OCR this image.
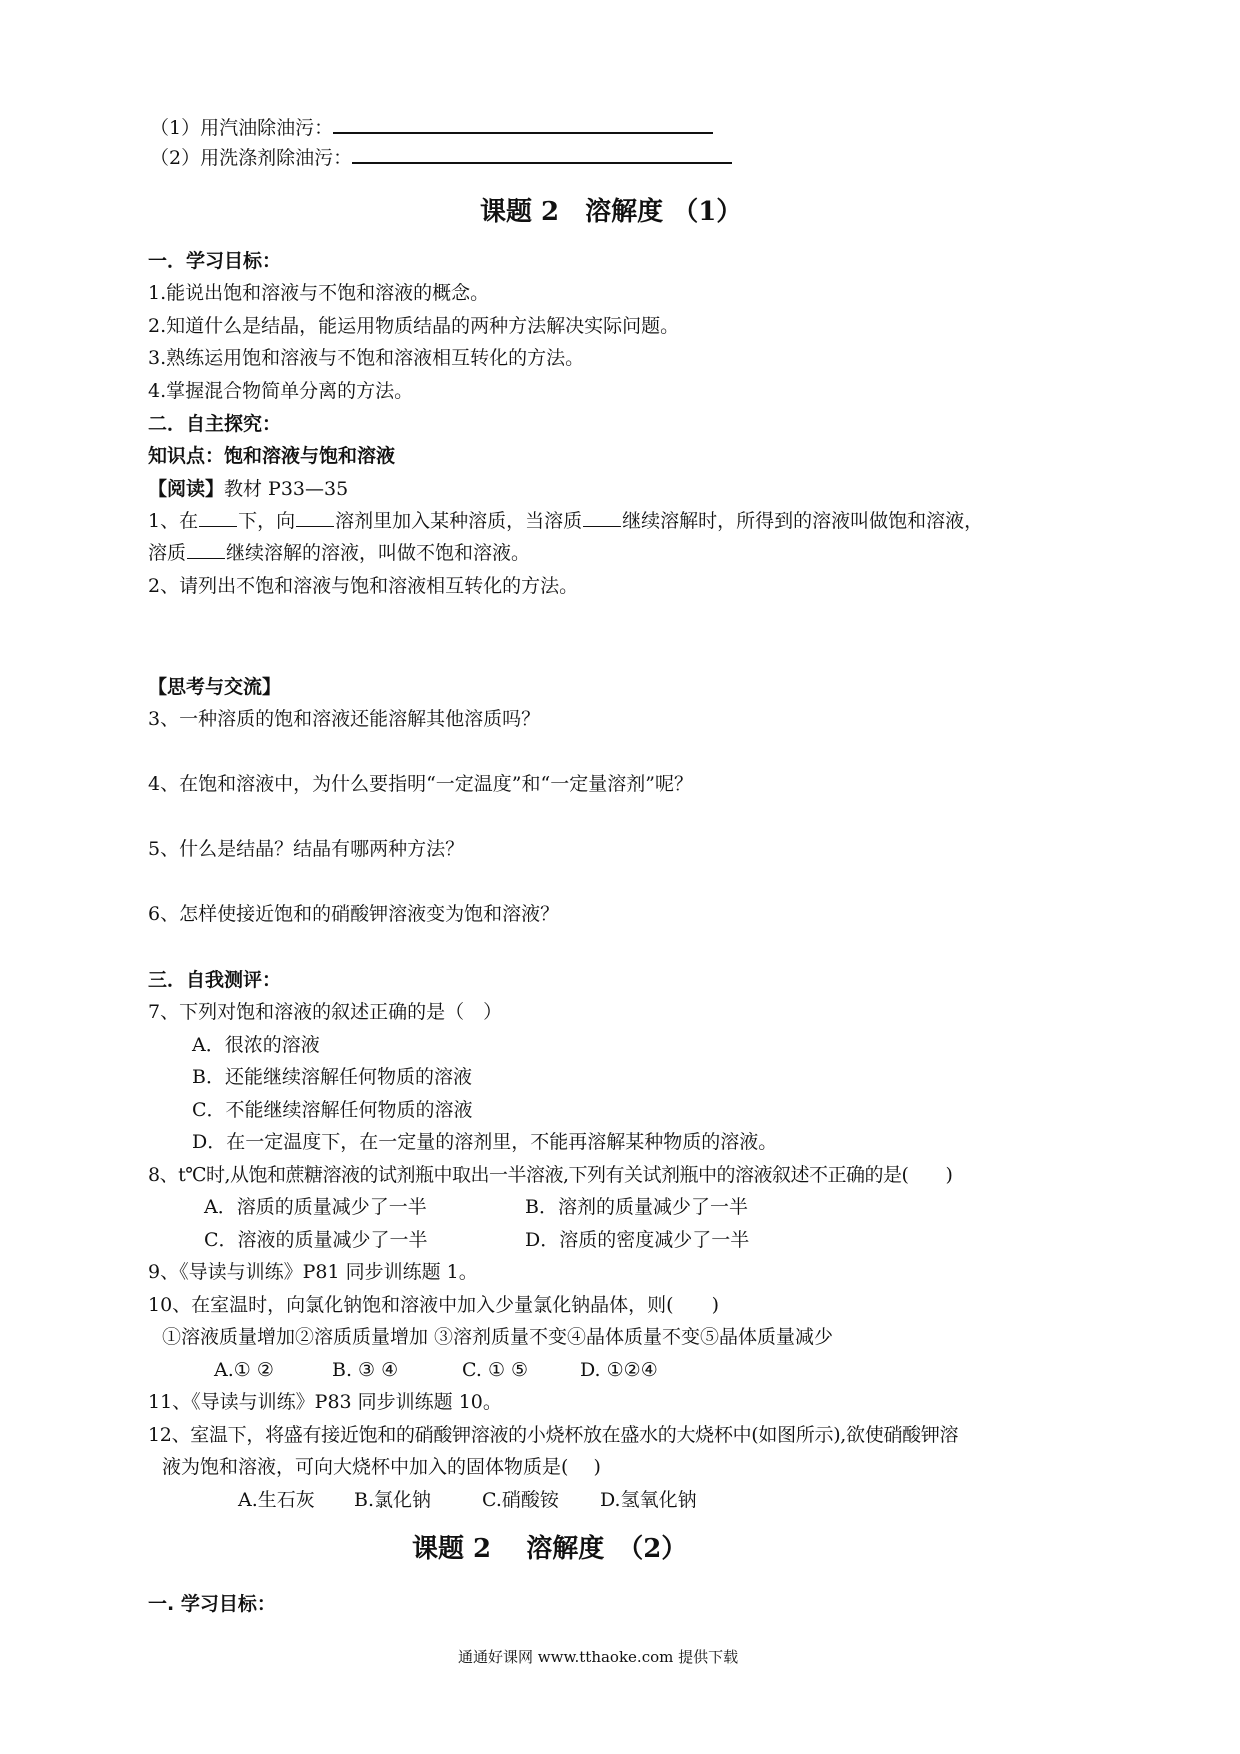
（1）用汽油除油污：
（2）用洗涤剂除油污：
课题 2　溶解度 （1）
一．学习目标：
1.能说出饱和溶液与不饱和溶液的概念。
2.知道什么是结晶，能运用物质结晶的两种方法解决实际问题。
3.熟练运用饱和溶液与不饱和溶液相互转化的方法。
4.掌握混合物简单分离的方法。
二．自主探究：
知识点：饱和溶液与饱和溶液
【阅读】教材 P33—35
1、在 下，向 溶剂里加入某种溶质，当溶质 继续溶解时，所得到的溶液叫做饱和溶液，
溶质 继续溶解的溶液，叫做不饱和溶液。
2、请列出不饱和溶液与饱和溶液相互转化的方法。
【思考与交流】
3、一种溶质的饱和溶液还能溶解其他溶质吗？
4、在饱和溶液中，为什么要指明“一定温度”和“一定量溶剂”呢？
5、什么是结晶？结晶有哪两种方法？
6、怎样使接近饱和的硝酸钾溶液变为饱和溶液？
三．自我测评：
7、下列对饱和溶液的叙述正确的是（　）
A．很浓的溶液
B．还能继续溶解任何物质的溶液
C．不能继续溶解任何物质的溶液
D．在一定温度下，在一定量的溶剂里，不能再溶解某种物质的溶液。
8、t℃时,从饱和蔗糖溶液的试剂瓶中取出一半溶液,下列有关试剂瓶中的溶液叙述不正确的是(　　)
A．溶质的质量减少了一半	B．溶剂的质量减少了一半
C．溶液的质量减少了一半	D．溶质的密度减少了一半
9、《导读与训练》P81 同步训练题 1。
10、在室温时，向氯化钠饱和溶液中加入少量氯化钠晶体，则(　　)
①溶液质量增加②溶质质量增加 ③溶剂质量不变④晶体质量不变⑤晶体质量减少
A.① ②	B. ③ ④	C. ① ⑤	D. ①②④
11、《导读与训练》P83 同步训练题 10。
12、室温下，将盛有接近饱和的硝酸钾溶液的小烧杯放在盛水的大烧杯中(如图所示),欲使硝酸钾溶
液为饱和溶液，可向大烧杯中加入的固体物质是(　 )
A.生石灰 B.氯化钠	C.硝酸铵 D.氢氧化钠
课题 2　 溶解度　（2）
一. 学习目标：
通通好课网 www.tthaoke.com 提供下载
